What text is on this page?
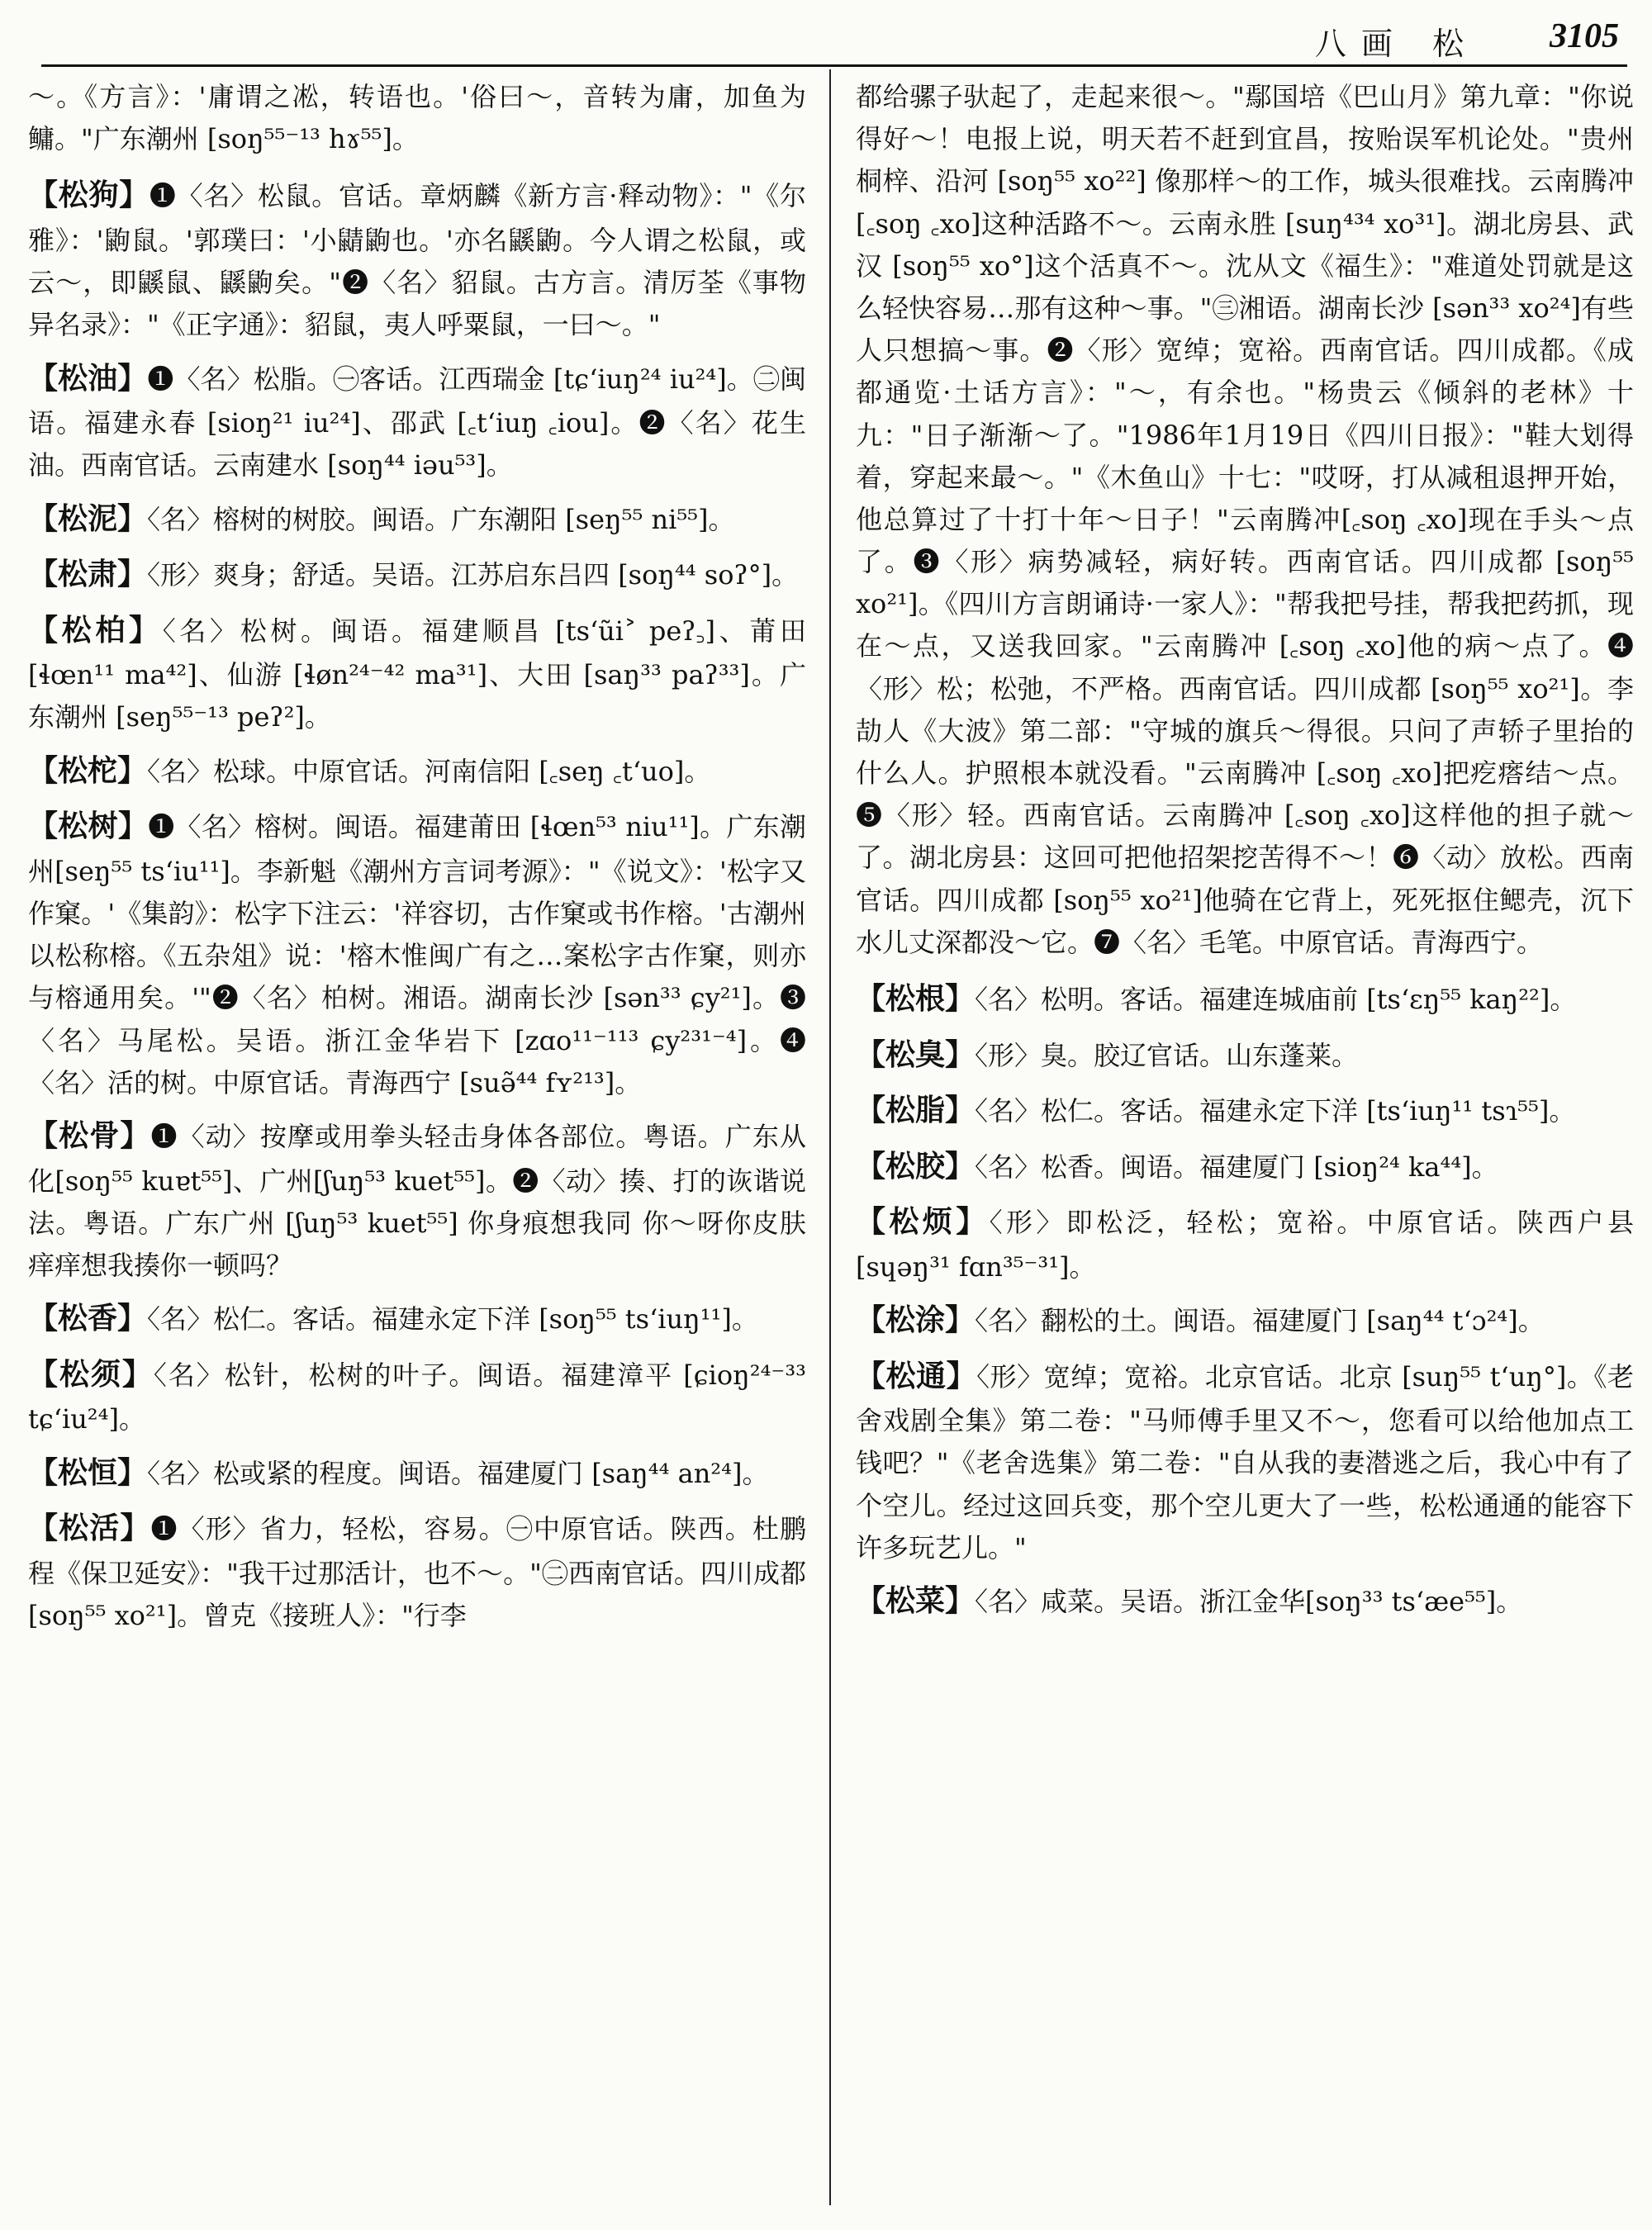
八画 松 3105

～。《方言》：'庸谓之凇，转语也。'俗曰～，音转为庸，加鱼为鳙。"广东潮州 [soŋ⁵⁵⁻¹³ hɤ⁵⁵]。

【松狗】❶〈名〉松鼠。官话。章炳麟《新方言·释动物》："《尔雅》：'鼩鼠。'郭璞曰：'小鼱鼩也。'亦名鼷鼩。今人谓之松鼠，或云～，即鼷鼠、鼷鼩矣。"❷〈名〉貂鼠。古方言。清厉荃《事物异名录》："《正字通》：貂鼠，夷人呼粟鼠，一曰～。"

【松油】❶〈名〉松脂。㊀客话。江西瑞金 [tɕʻiuŋ²⁴ iu²⁴]。㊁闽语。福建永春 [sioŋ²¹ iu²⁴]、邵武 [꜀tʻiuŋ ꜀iou]。❷〈名〉花生油。西南官话。云南建水 [soŋ⁴⁴ iəu⁵³]。

【松泥】〈名〉榕树的树胶。闽语。广东潮阳 [seŋ⁵⁵ ni⁵⁵]。

【松肃】〈形〉爽身；舒适。吴语。江苏启东吕四 [soŋ⁴⁴ soʔ°]。

【松柏】〈名〉松树。闽语。福建顺昌 [tsʻũi˃ peʔ꜆]、莆田 [ɬœn¹¹ ma⁴²]、仙游 [ɬøn²⁴⁻⁴² ma³¹]、大田 [saŋ³³ paʔ³³]。广东潮州 [seŋ⁵⁵⁻¹³ peʔ²]。

【松柁】〈名〉松球。中原官话。河南信阳 [꜀seŋ ꜀tʻuo]。

【松树】❶〈名〉榕树。闽语。福建莆田 [ɬœn⁵³ niu¹¹]。广东潮州[seŋ⁵⁵ tsʻiu¹¹]。李新魁《潮州方言词考源》："《说文》：'松字又作窠。'《集韵》：松字下注云：'祥容切，古作窠或书作榕。'古潮州以松称榕。《五杂俎》说：'榕木惟闽广有之…案松字古作窠，则亦与榕通用矣。'"❷〈名〉柏树。湘语。湖南长沙 [sən³³ ɕy²¹]。❸〈名〉马尾松。吴语。浙江金华岩下 [zɑo¹¹⁻¹¹³ ɕy²³¹⁻⁴]。❹〈名〉活的树。中原官话。青海西宁 [suə̃⁴⁴ fʏ²¹³]。

【松骨】❶〈动〉按摩或用拳头轻击身体各部位。粤语。广东从化[soŋ⁵⁵ kuɐt⁵⁵]、广州[ʃuŋ⁵³ kuet⁵⁵]。❷〈动〉揍、打的诙谐说法。粤语。广东广州 [ʃuŋ⁵³ kuet⁵⁵] 你身痕想我同 你～呀你皮肤痒痒想我揍你一顿吗？

【松香】〈名〉松仁。客话。福建永定下洋 [soŋ⁵⁵ tsʻiuŋ¹¹]。

【松须】〈名〉松针，松树的叶子。闽语。福建漳平 [ɕioŋ²⁴⁻³³ tɕʻiu²⁴]。

【松恒】〈名〉松或紧的程度。闽语。福建厦门 [saŋ⁴⁴ an²⁴]。

【松活】❶〈形〉省力，轻松，容易。㊀中原官话。陕西。杜鹏程《保卫延安》："我干过那活计，也不～。"㊁西南官话。四川成都[soŋ⁵⁵ xo²¹]。曾克《接班人》："行李

都给骡子驮起了，走起来很～。"鄢国培《巴山月》第九章："你说得好～！电报上说，明天若不赶到宜昌，按贻误军机论处。"贵州桐梓、沿河 [soŋ⁵⁵ xo²²] 像那样～的工作，城头很难找。云南腾冲 [꜀soŋ ꜀xo]这种活路不～。云南永胜 [suŋ⁴³⁴ xo³¹]。湖北房县、武汉 [soŋ⁵⁵ xo°]这个活真不～。沈从文《福生》："难道处罚就是这么轻快容易…那有这种～事。"㊂湘语。湖南长沙 [sən³³ xo²⁴]有些人只想搞～事。❷〈形〉宽绰；宽裕。西南官话。四川成都。《成都通览·土话方言》："～，有余也。"杨贵云《倾斜的老林》十九："日子渐渐～了。"1986年1月19日《四川日报》："鞋大划得着，穿起来最～。"《木鱼山》十七："哎呀，打从减租退押开始，他总算过了十打十年～日子！"云南腾冲[꜀soŋ ꜀xo]现在手头～点了。❸〈形〉病势减轻，病好转。西南官话。四川成都 [soŋ⁵⁵ xo²¹]。《四川方言朗诵诗·一家人》："帮我把号挂，帮我把药抓，现在～点，又送我回家。"云南腾冲 [꜀soŋ ꜀xo]他的病～点了。❹〈形〉松；松弛，不严格。西南官话。四川成都 [soŋ⁵⁵ xo²¹]。李劼人《大波》第二部："守城的旗兵～得很。只问了声轿子里抬的什么人。护照根本就没看。"云南腾冲 [꜀soŋ ꜀xo]把疙瘩结～点。❺〈形〉轻。西南官话。云南腾冲 [꜀soŋ ꜀xo]这样他的担子就～了。湖北房县：这回可把他招架挖苦得不～！❻〈动〉放松。西南官话。四川成都 [soŋ⁵⁵ xo²¹]他骑在它背上，死死抠住鳃壳，沉下水儿丈深都没～它。❼〈名〉毛笔。中原官话。青海西宁。

【松根】〈名〉松明。客话。福建连城庙前 [tsʻɛŋ⁵⁵ kaŋ²²]。

【松臭】〈形〉臭。胶辽官话。山东蓬莱。

【松脂】〈名〉松仁。客话。福建永定下洋 [tsʻiuŋ¹¹ tsɿ⁵⁵]。

【松胶】〈名〉松香。闽语。福建厦门 [sioŋ²⁴ ka⁴⁴]。

【松烦】〈形〉即松泛，轻松；宽裕。中原官话。陕西户县 [sɥəŋ³¹ fɑn³⁵⁻³¹]。

【松涂】〈名〉翻松的土。闽语。福建厦门 [saŋ⁴⁴ tʻɔ²⁴]。

【松通】〈形〉宽绰；宽裕。北京官话。北京 [suŋ⁵⁵ tʻuŋ°]。《老舍戏剧全集》第二卷："马师傅手里又不～，您看可以给他加点工钱吧？"《老舍选集》第二卷："自从我的妻潜逃之后，我心中有了个空儿。经过这回兵变，那个空儿更大了一些，松松通通的能容下许多玩艺儿。"

【松菜】〈名〉咸菜。吴语。浙江金华[soŋ³³ tsʻæe⁵⁵]。
